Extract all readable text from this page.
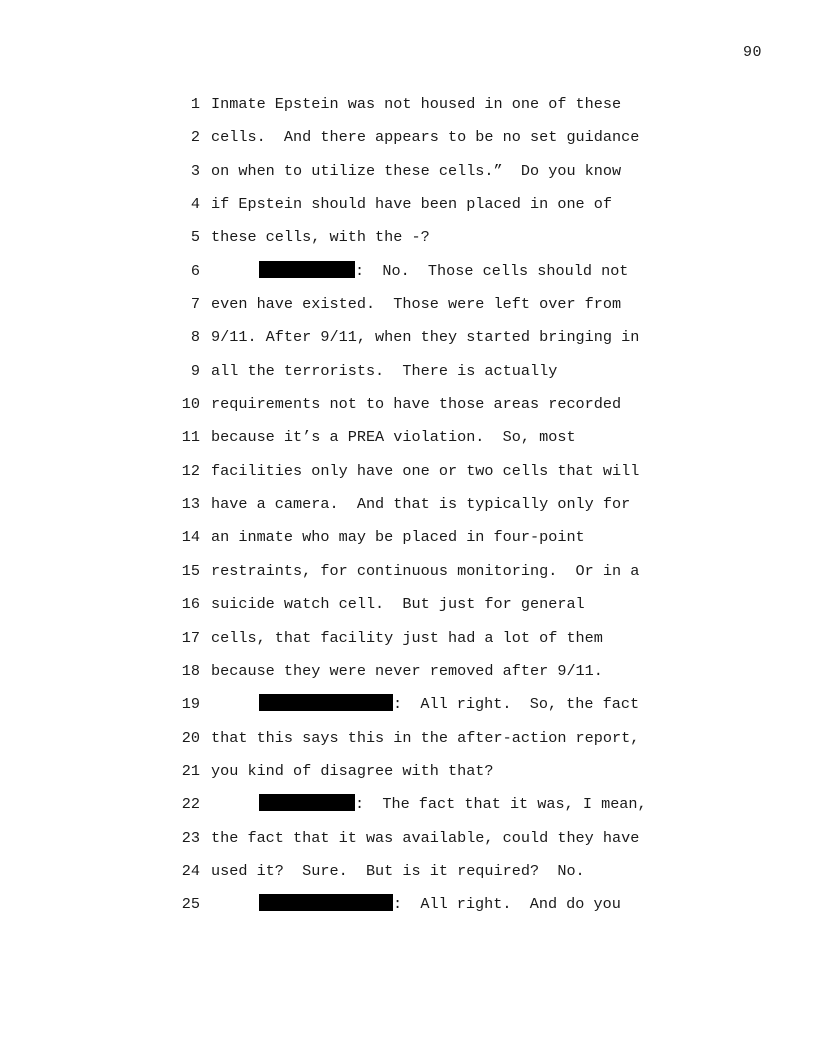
90
1 Inmate Epstein was not housed in one of these
2 cells.  And there appears to be no set guidance
3 on when to utilize these cells.”  Do you know
4 if Epstein should have been placed in one of
5 these cells, with the -?
6	:  No.  Those cells should not
7 even have existed.  Those were left over from
8 9/11. After 9/11, when they started bringing in
9 all the terrorists.  There is actually
10 requirements not to have those areas recorded
11 because it’s a PREA violation.  So, most
12 facilities only have one or two cells that will
13 have a camera.  And that is typically only for
14 an inmate who may be placed in four-point
15 restraints, for continuous monitoring.  Or in a
16 suicide watch cell.  But just for general
17 cells, that facility just had a lot of them
18 because they were never removed after 9/11.
19	:  All right.  So, the fact
20 that this says this in the after-action report,
21 you kind of disagree with that?
22	:  The fact that it was, I mean,
23 the fact that it was available, could they have
24 used it?  Sure.  But is it required?  No.
25	:  All right.  And do you
